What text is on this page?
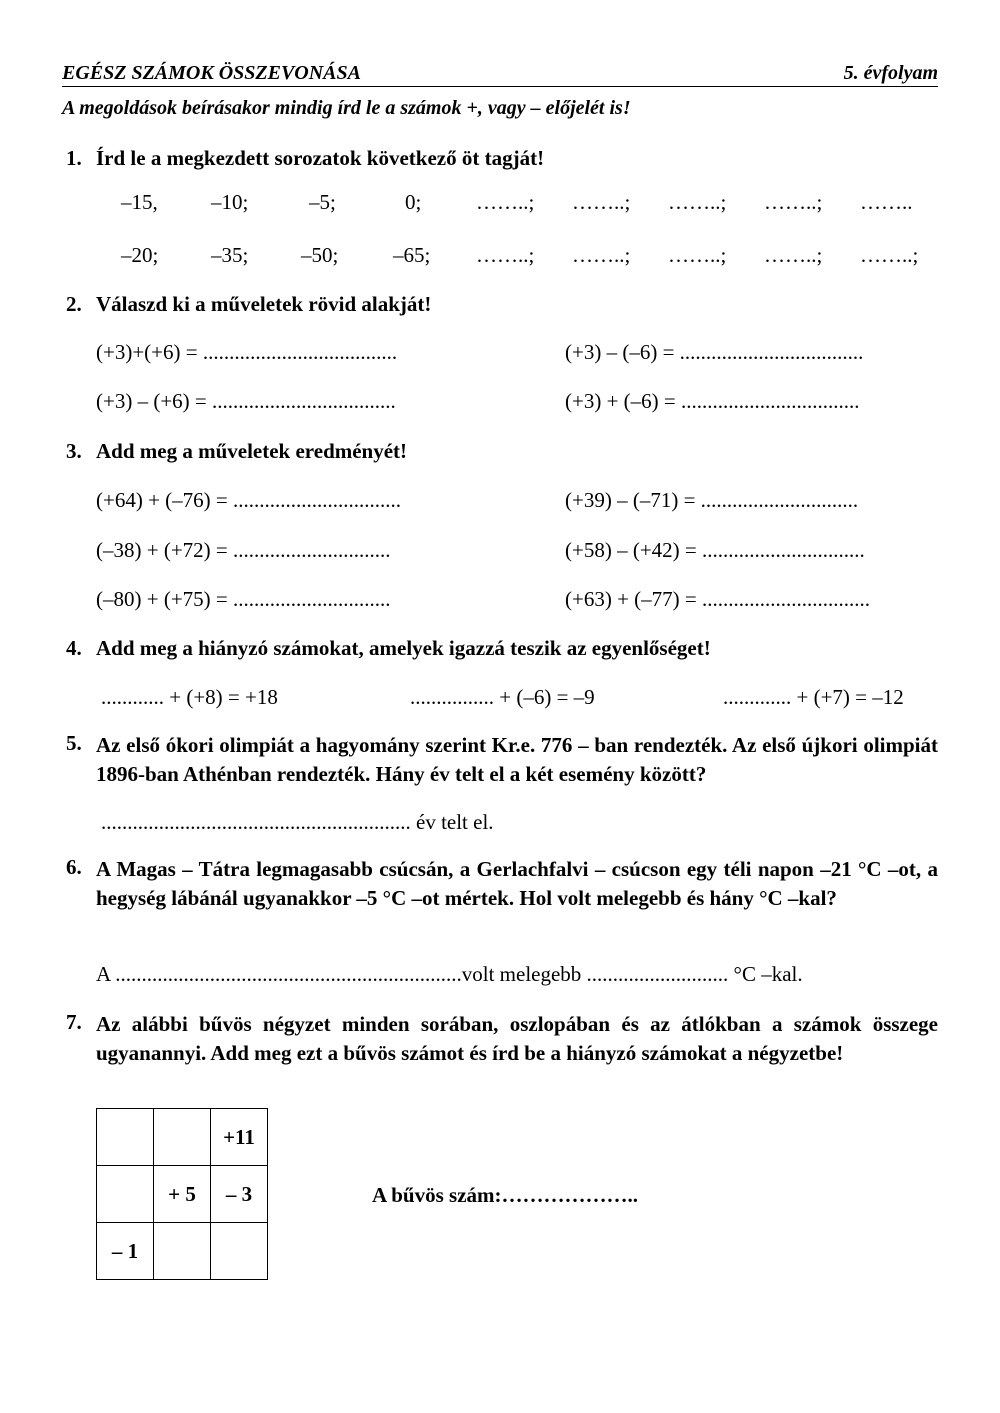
EGÉSZ SZÁMOK ÖSSZEVONÁSA	5. évfolyam
A megoldások beírásakor mindig írd le a számok +, vagy – előjelét is!
1. Írd le a megkezdett sorozatok következő öt tagját!
–15,	–10;	–5;	0;	……..; ……..; ……..; ……..; ……..
–20;	–35;	–50;	–65; ……..; ……..; ……..; ……..; ……..;
2. Válaszd ki a műveletek rövid alakját!
(+3)+(+6) = .....................................	(+3) – (–6) = ...................................
(+3) – (+6) = ...................................	(+3) + (–6) = ..................................
3. Add meg a műveletek eredményét!
(+64) + (–76) = ................................	(+39) – (–71) = ..............................
(–38) + (+72) = ..............................	(+58) – (+42) = ...............................
(–80) + (+75) = ..............................	(+63) + (–77) = ................................
4. Add meg a hiányzó számokat, amelyek igazzá teszik az egyenlőséget!
............ + (+8) = +18	................ + (–6) = –9	............. + (+7) = –12
5. Az első ókori olimpiát a hagyomány szerint Kr.e. 776 – ban rendezték. Az első újkori olimpiát 1896-ban Athénban rendezték. Hány év telt el a két esemény között?
........................................................... év telt el.
6. A Magas – Tátra legmagasabb csúcsán, a Gerlachfalvi – csúcson egy téli napon –21 °C –ot, a hegység lábánál ugyanakkor –5 °C –ot mértek. Hol volt melegebb és hány °C –kal?
A ..................................................................volt melegebb ........................... °C –kal.
7. Az alábbi bűvös négyzet minden sorában, oszlopában és az átlókban a számok összege ugyanannyi. Add meg ezt a bűvös számot és írd be a hiányzó számokat a négyzetbe!
		+11
	+ 5	– 3
– 1		
A bűvös szám:………………..
